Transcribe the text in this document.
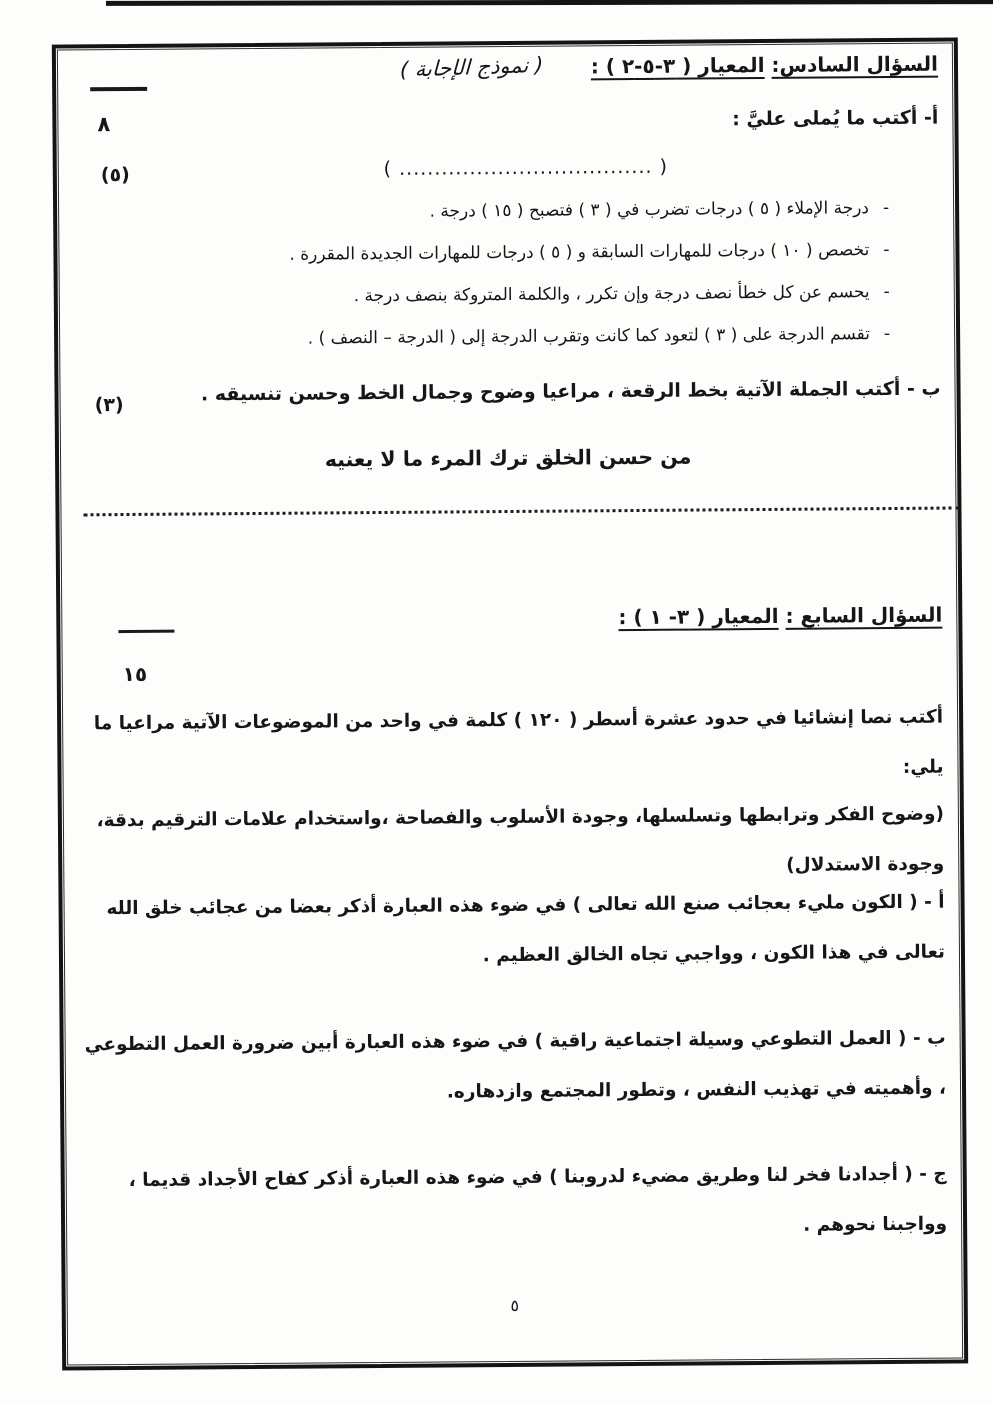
٨
(٥)
(٣)
١٥
السؤال السادس: المعيار ( ٣-٥-٢ ) :
( نموذج الإجابة )
أ- أكتب ما يُملى عليَّ :
( .................................... )
-
درجة الإملاء ( ٥ ) درجات تضرب في ( ٣ ) فتصبح ( ١٥ ) درجة .
-
تخصص ( ١٠ ) درجات للمهارات السابقة و ( ٥ ) درجات للمهارات الجديدة المقررة .
-
يحسم عن كل خطأ نصف درجة وإن تكرر ، والكلمة المتروكة بنصف درجة .
-
تقسم الدرجة على ( ٣ ) لتعود كما كانت وتقرب الدرجة إلى ( الدرجة – النصف ) .
ب - أكتب الجملة الآتية بخط الرقعة ، مراعيا وضوح وجمال الخط وحسن تنسيقه .
من حسن الخلق ترك المرء ما لا يعنيه
السؤال السابع : المعيار ( ٣- ١ ) :
أكتب نصا إنشائيا في حدود عشرة أسطر ( ١٢٠ ) كلمة في واحد من الموضوعات الآتية مراعيا ما يلي:
(وضوح الفكر وترابطها وتسلسلها، وجودة الأسلوب والفصاحة ،واستخدام علامات الترقيم بدقة، وجودة الاستدلال)
أ - ( الكون مليء بعجائب صنع الله تعالى ) في ضوء هذه العبارة أذكر بعضا من عجائب خلق الله تعالى في هذا الكون ، وواجبي تجاه الخالق العظيم .
ب - ( العمل التطوعي وسيلة اجتماعية راقية ) في ضوء هذه العبارة أبين ضرورة العمل التطوعي ، وأهميته في تهذيب النفس ، وتطور المجتمع وازدهاره.
ج - ( أجدادنا فخر لنا وطريق مضيء لدروبنا ) في ضوء هذه العبارة أذكر كفاح الأجداد قديما ، وواجبنا نحوهم .
٥
